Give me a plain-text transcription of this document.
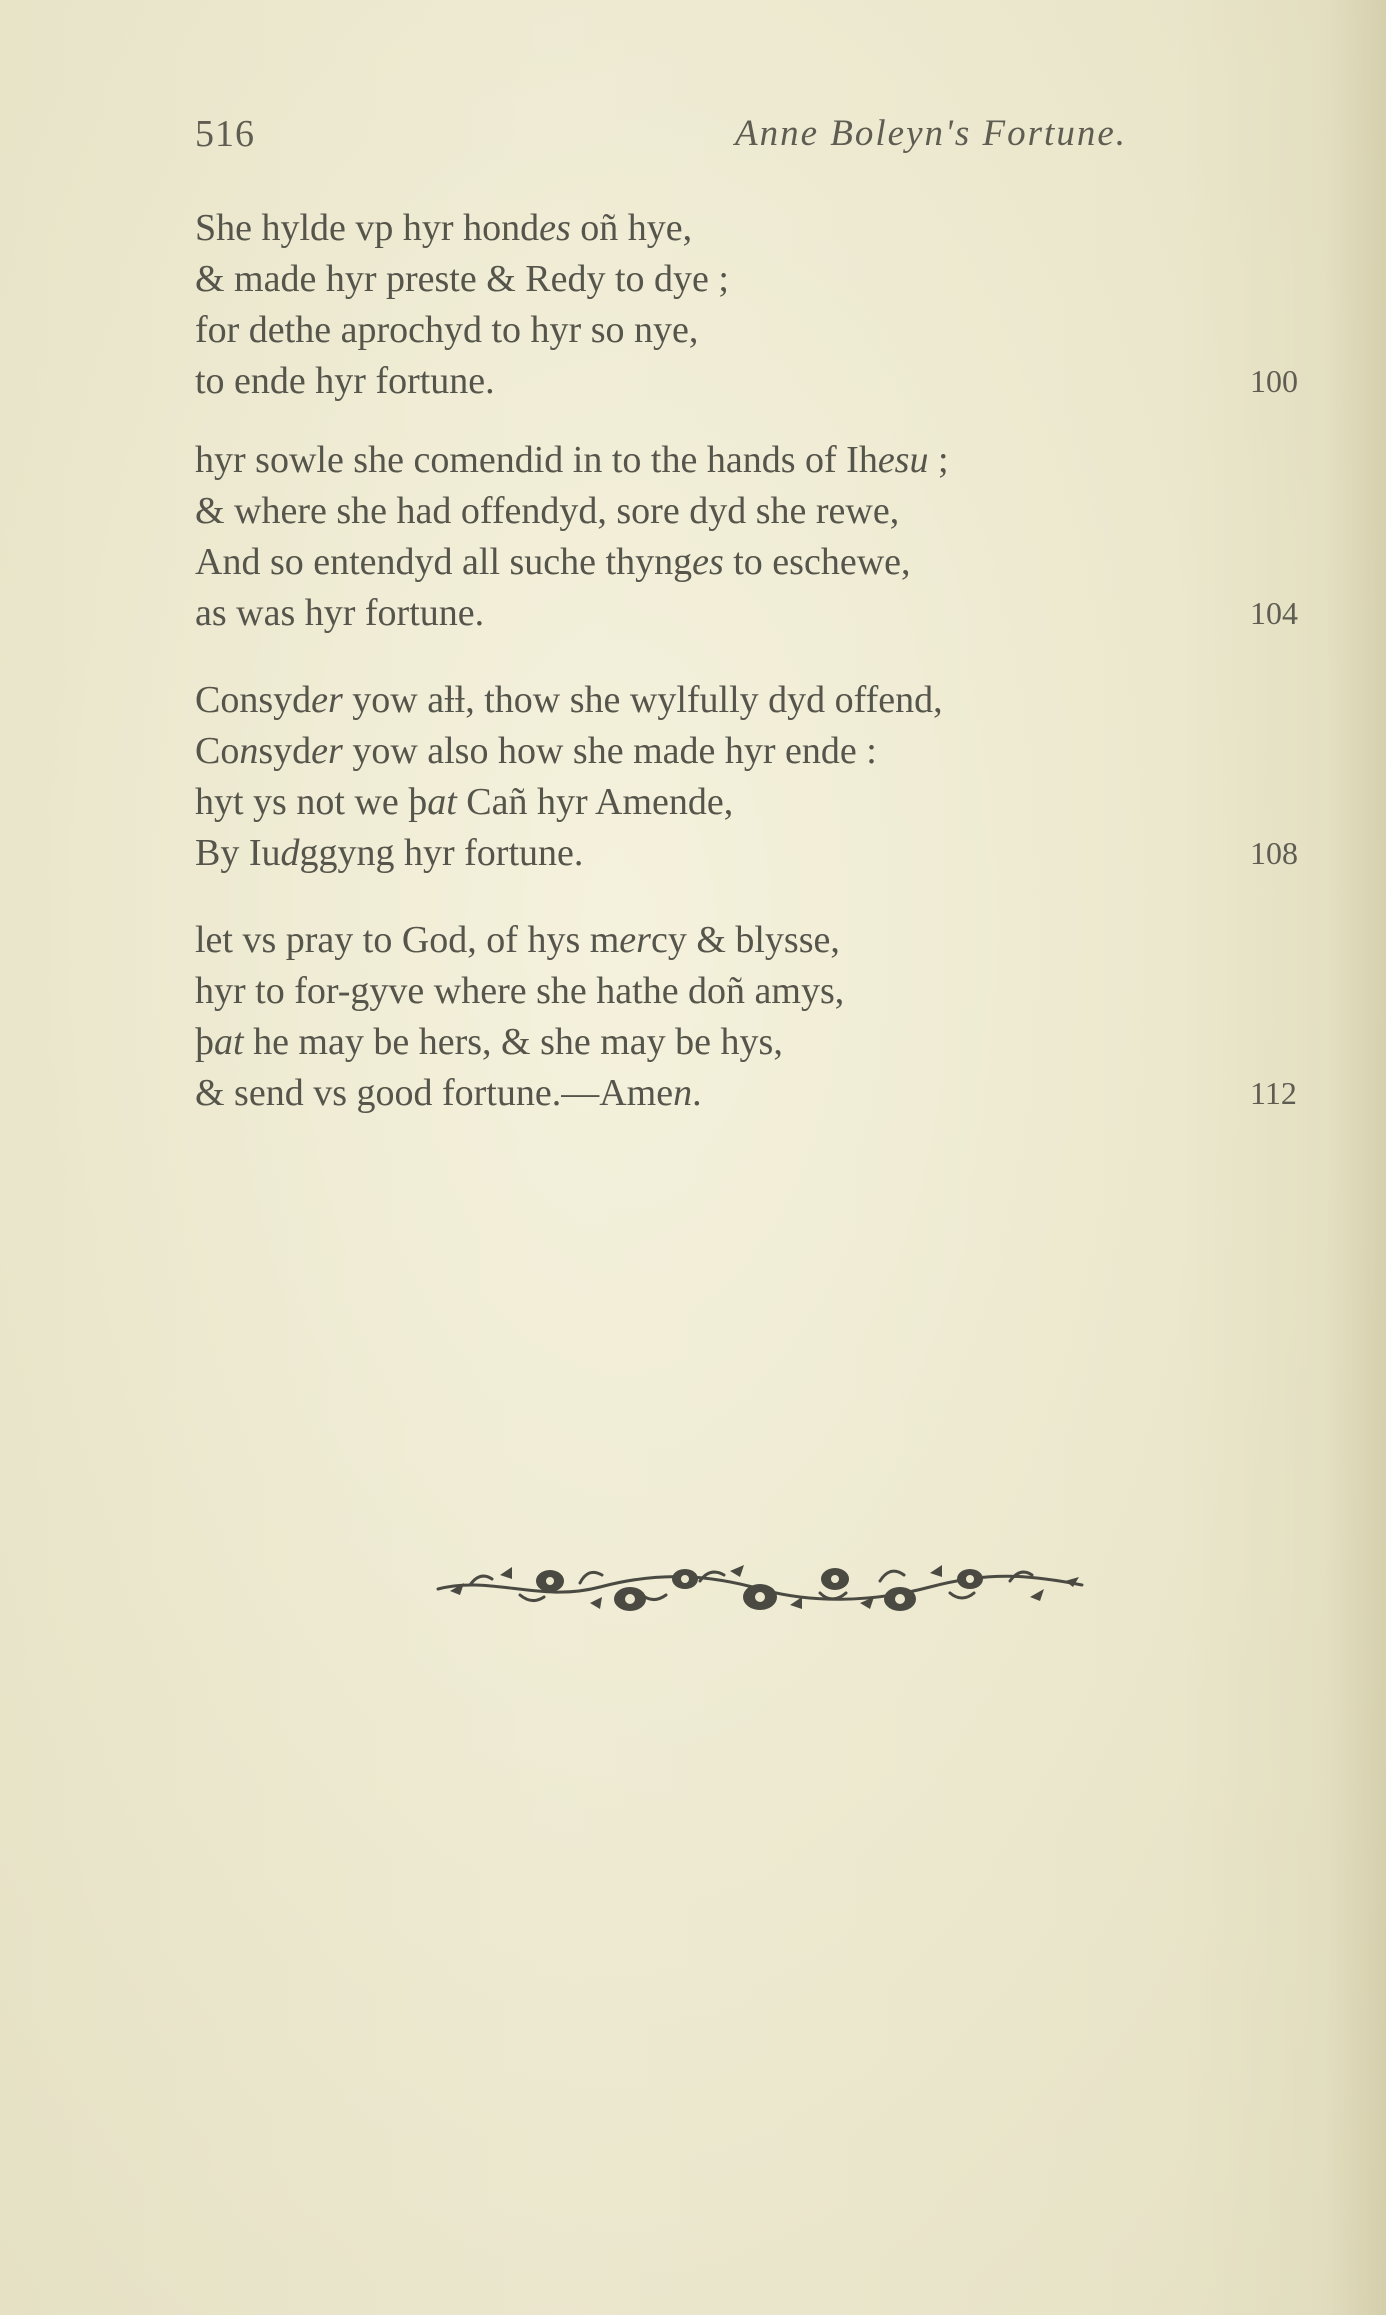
516	Anne Boleyn's Fortune.
She hylde vp hyr hondes oñ hye,
& made hyr preste & Redy to dye ;
for dethe aprochyd to hyr so nye,
to ende hyr fortune.	100
hyr sowle she comendid in to the hands of Ihesu ;
& where she had offendyd, sore dyd she rewe,
And so entendyd all suche thynges to eschewe,
as was hyr fortune.	104
Consyder yow aƚƚ, thow she wylfully dyd offend,
Consyder yow also how she made hyr ende :
hyt ys not we þat Cañ hyr Amende,
By Iudggyng hyr fortune.	108
let vs pray to God, of hys mercy & blysse,
hyr to for-gyve where she hathe doñ amys,
þat he may be hers, & she may be hys,
& send vs good fortune.—Amen.	112
